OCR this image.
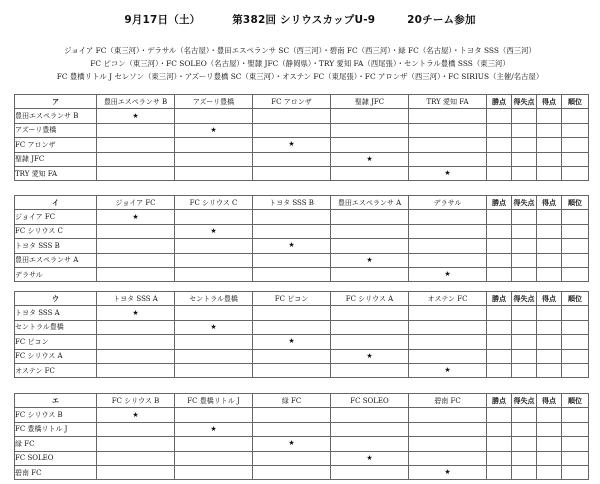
9月17日（土）	第382回 シリウスカップU-9	20チーム参加
ジョイア FC（東三河）・デラサル（名古屋）・豊田エスペランサ SC（西三河）・碧南 FC（西三河）・緑 FC（名古屋）・トヨタ SSS（西三河）
FC ピコン（東三河）・FC SOLEO（名古屋）・聖隷 JFC（静岡県）・TRY 愛知 FA（西尾張）・セントラル豊橋 SSS（東三河）
FC 豊橋リトル J セレソン（東三河）・アズーリ豊橋 SC（東三河）・オステン FC（東尾張）・FC アロンザ（西三河）・FC SIRIUS（主催/名古屋）
ア	豊田エスペランサ B	アズーリ豊橋	FC アロンザ	聖隷 JFC	TRY 愛知 FA	勝点	得失点	得点	順位
豊田エスペランサ B	★								
アズーリ豊橋		★							
FC アロンザ			★						
聖隷 JFC				★					
TRY 愛知 FA					★				
イ	ジョイア FC	FC シリウス C	トヨタ SSS B	豊田エスペランサ A	デラサル	勝点	得失点	得点	順位
ジョイア FC	★								
FC シリウス C		★							
トヨタ SSS B			★						
豊田エスペランサ A				★					
デラサル					★				
ウ	トヨタ SSS A	セントラル豊橋	FC ピコン	FC シリウス A	オステン FC	勝点	得失点	得点	順位
トヨタ SSS A	★								
セントラル豊橋		★							
FC ピコン			★						
FC シリウス A				★					
オステン FC					★				
エ	FC シリウス B	FC 豊橋リトル J	緑 FC	FC SOLEO	碧南 FC	勝点	得失点	得点	順位
FC シリウス B	★								
FC 豊橋リトル J		★							
緑 FC			★						
FC SOLEO				★					
碧南 FC					★				
